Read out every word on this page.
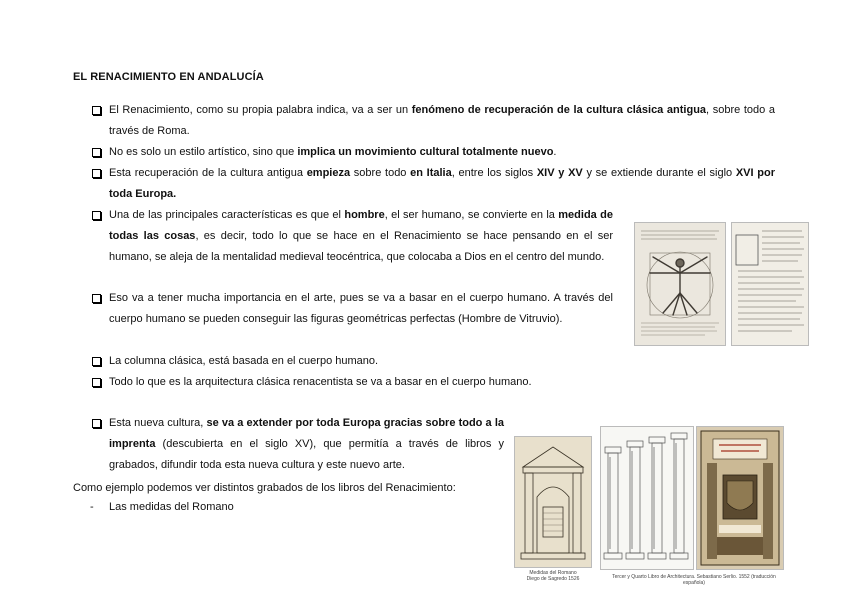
EL RENACIMIENTO EN ANDALUCÍA
El Renacimiento, como su propia palabra indica, va a ser un fenómeno de recuperación de la cultura clásica antigua, sobre todo a través de Roma.
No es solo un estilo artístico, sino que implica un movimiento cultural totalmente nuevo.
Esta recuperación de la cultura antigua empieza sobre todo en Italia, entre los siglos XIV y XV y se extiende durante el siglo XVI por toda Europa.
Una de las principales características es que el hombre, el ser humano, se convierte en la medida de todas las cosas, es decir, todo lo que se hace en el Renacimiento se hace pensando en el ser humano, se aleja de la mentalidad medieval teocéntrica, que colocaba a Dios en el centro del mundo.
Eso va a tener mucha importancia en el arte, pues se va a basar en el cuerpo humano. A través del cuerpo humano se pueden conseguir las figuras geométricas perfectas (Hombre de Vitruvio).
La columna clásica, está basada en el cuerpo humano.
Todo lo que es la arquitectura clásica renacentista se va a basar en el cuerpo humano.
Esta nueva cultura, se va a extender por toda Europa gracias sobre todo a la imprenta (descubierta en el siglo XV), que permitía a través de libros y grabados, difundir toda esta nueva cultura y este nuevo arte.
Como ejemplo podemos ver distintos grabados de los libros del Renacimiento:
- Las medidas del Romano
Medidas del Romano
Diego de Sagredo 1526	Tercer y Quarto Libro de Architectura. Sebastiano Serlio. 1552 (traducción española)
